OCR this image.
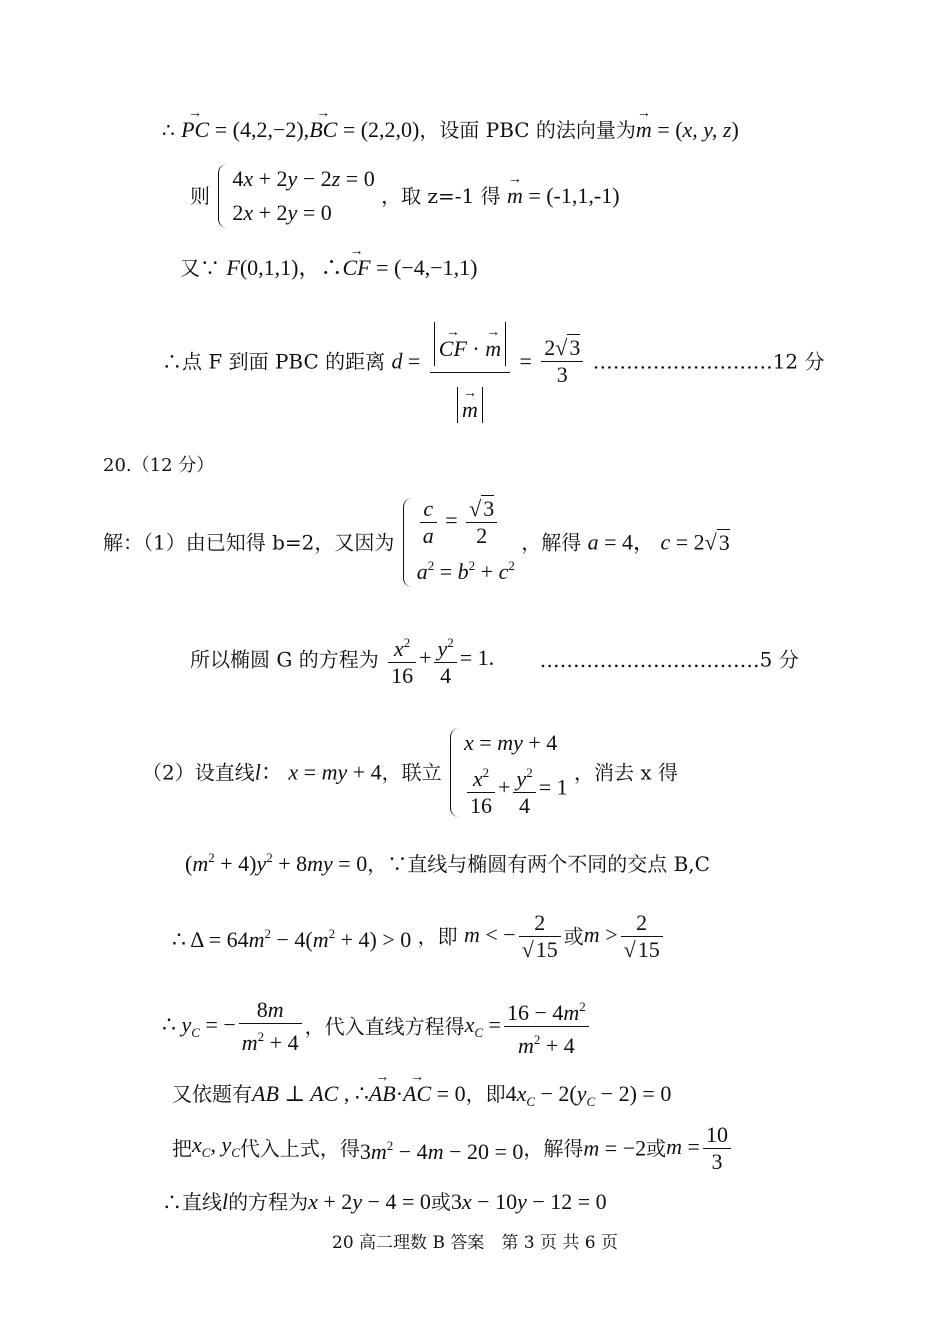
∴ → PC = (4,2,−2),→ BC = (2,2,0)，设面 PBC 的法向量为→ m = (x, y, z)
则
4x + 2y − 2z = 0
2x + 2y = 0
，取 z=-1 得 → m = (-1,1,-1)
又∵ F(0,1,1)，∴→ CF = (−4,−1,1)
∴点 F 到面 PBC 的距离 d = → CF · → m
→ $m = \frac{2√3}{3}$ ………………………12 分
20.（12 分）
解：（1）由已知得 b=2，又因为 $\frac{c}{a} = \frac{√3}{2}$
$a^2 = b^2 + c^2$
，解得 a = 4， c = 2√3
所以椭圆 G 的方程为 $\frac{x^2}{16} + \frac{y^2}{4} = 1$. ……………………………5 分
（2）设直线l： x = my + 4，联立
x = my + 4
$\frac{x^2}{16} + \frac{y^2}{4} = 1$
，消去 x 得
$(m^2 + 4)y^2 + 8my = 0$，∵直线与椭圆有两个不同的交点 B,C
∴ $\Delta = 64m^2 - 4(m^2 + 4) > 0$ ，即 m < − $\frac{2}{√15}$ 或$m > \frac{2}{√15}$
∴ $y_C$ = − $\frac{8m}{m^2 + 4}$ ，代入直线方程得$x_C = \frac{16 - 4m^2}{m^2 + 4}$
又依题有AB ⊥ AC , ∴→ AB·→ AC = 0，即$4x_C - 2(y_C - 2) = 0$
把$x_C$, $y_C$代入上式，得$3m^2 - 4m - 20 = 0$，解得m = −2或$m = \frac{10}{3}$
∴直线l的方程为x + 2y − 4 = 0或3x − 10y − 12 = 0
20 高二理数 B 答案　第 3 页 共 6 页
